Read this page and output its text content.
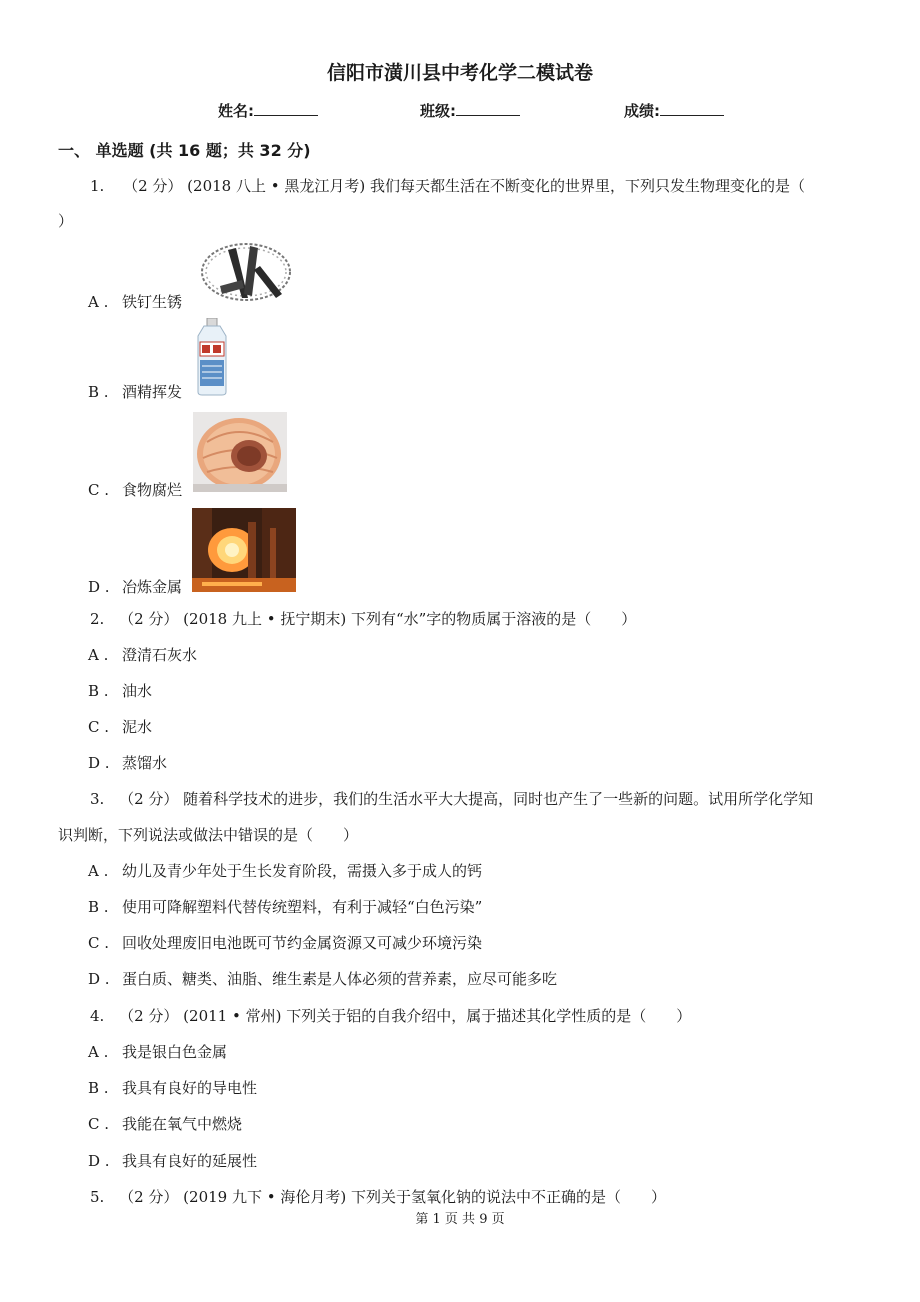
信阳市潢川县中考化学二模试卷
姓名:	班级:	成绩:
一、 单选题 (共 16 题；共 32 分)
1. （2 分） (2018 八上 • 黑龙江月考) 我们每天都生活在不断变化的世界里，下列只发生物理变化的是（
）
A . 铁钉生锈
B . 酒精挥发
C . 食物腐烂
D . 冶炼金属
2. （2 分） (2018 九上 • 抚宁期末) 下列有“水”字的物质属于溶液的是（　　）
A . 澄清石灰水
B . 油水
C . 泥水
D . 蒸馏水
3. （2 分） 随着科学技术的进步，我们的生活水平大大提高，同时也产生了一些新的问题。试用所学化学知
识判断，下列说法或做法中错误的是（　　）
A . 幼儿及青少年处于生长发育阶段，需摄入多于成人的钙
B . 使用可降解塑料代替传统塑料，有利于减轻“白色污染”
C . 回收处理废旧电池既可节约金属资源又可减少环境污染
D . 蛋白质、糖类、油脂、维生素是人体必须的营养素，应尽可能多吃
4. （2 分） (2011 • 常州) 下列关于铝的自我介绍中，属于描述其化学性质的是（　　）
A . 我是银白色金属
B . 我具有良好的导电性
C . 我能在氧气中燃烧
D . 我具有良好的延展性
5. （2 分） (2019 九下 • 海伦月考) 下列关于氢氧化钠的说法中不正确的是（　　）
第 1 页 共 9 页
